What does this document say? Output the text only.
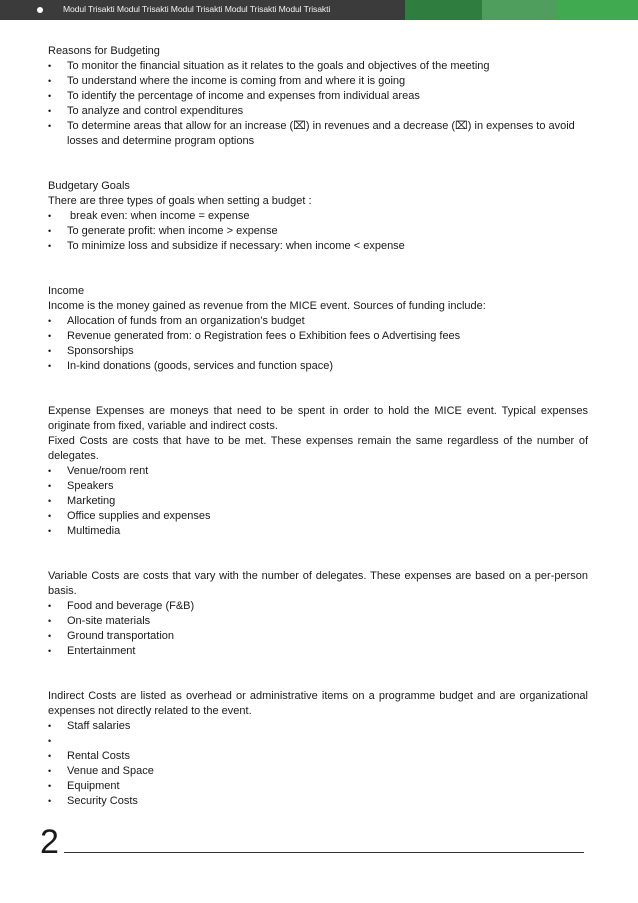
Modul Trisakti Modul Trisakti Modul Trisakti Modul Trisakti Modul Trisakti

Reasons for Budgeting

• To monitor the financial situation as it relates to the goals and objectives of the meeting
• To understand where the income is coming from and where it is going
• To identify the percentage of income and expenses from individual areas
• To analyze and control expenditures
• To determine areas that allow for an increase (⌧) in revenues and a decrease (⌧) in expenses to avoid losses and determine program options

Budgetary Goals

There are three types of goals when setting a budget :

•  break even: when income = expense
• To generate profit: when income > expense
• To minimize loss and subsidize if necessary: when income < expense

Income

Income is the money gained as revenue from the MICE event. Sources of funding include:

• Allocation of funds from an organization’s budget
• Revenue generated from: o Registration fees o Exhibition fees o Advertising fees
• Sponsorships
• In-kind donations (goods, services and function space)

Expense Expenses are moneys that need to be spent in order to hold the MICE event. Typical expenses originate from fixed, variable and indirect costs.

Fixed Costs are costs that have to be met. These expenses remain the same regardless of the number of delegates.

• Venue/room rent
• Speakers
• Marketing
• Office supplies and expenses
• Multimedia

Variable Costs are costs that vary with the number of delegates. These expenses are based on a per-person basis.

• Food and beverage (F&B)
• On-site materials
• Ground transportation
• Entertainment

Indirect Costs are listed as overhead or administrative items on a programme budget and are organizational expenses not directly related to the event.

• Staff salaries
•
• Rental Costs
• Venue and Space
• Equipment
• Security Costs
2
